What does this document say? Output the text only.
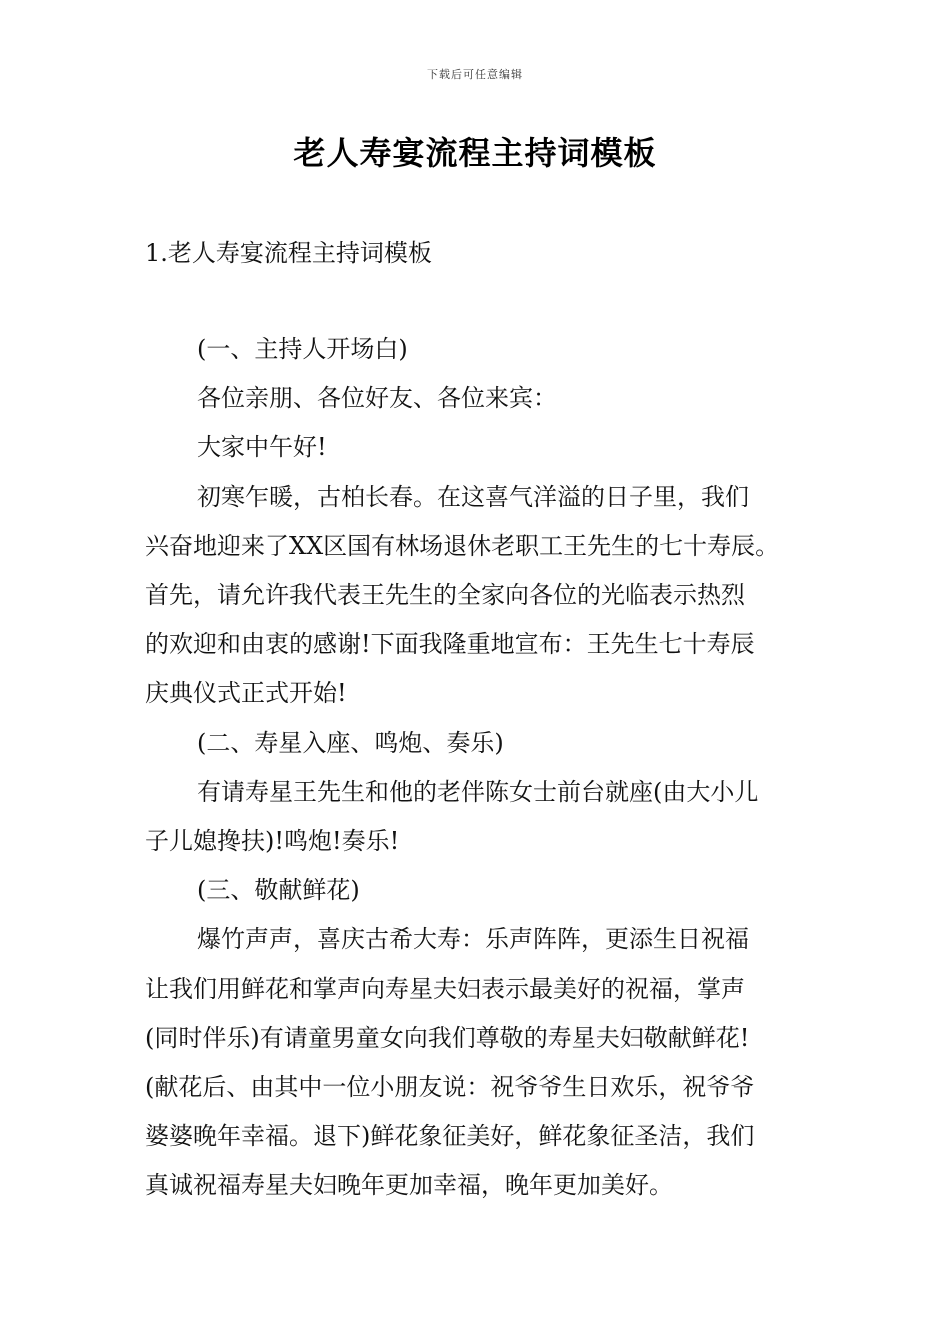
下载后可任意编辑
老人寿宴流程主持词模板
1.老人寿宴流程主持词模板

(一、主持人开场白)

各位亲朋、各位好友、各位来宾：

大家中午好!

初寒乍暖，古柏长春。在这喜气洋溢的日子里，我们

兴奋地迎来了XX区国有林场退休老职工王先生的七十寿辰。

首先，请允许我代表王先生的全家向各位的光临表示热烈

的欢迎和由衷的感谢!下面我隆重地宣布：王先生七十寿辰

庆典仪式正式开始!

(二、寿星入座、鸣炮、奏乐)

有请寿星王先生和他的老伴陈女士前台就座(由大小儿

子儿媳搀扶)!鸣炮!奏乐!

(三、敬献鲜花)

爆竹声声，喜庆古希大寿：乐声阵阵，更添生日祝福

让我们用鲜花和掌声向寿星夫妇表示最美好的祝福，掌声

(同时伴乐)有请童男童女向我们尊敬的寿星夫妇敬献鲜花!

(献花后、由其中一位小朋友说：祝爷爷生日欢乐，祝爷爷

婆婆晚年幸福。退下)鲜花象征美好，鲜花象征圣洁，我们

真诚祝福寿星夫妇晚年更加幸福，晚年更加美好。
